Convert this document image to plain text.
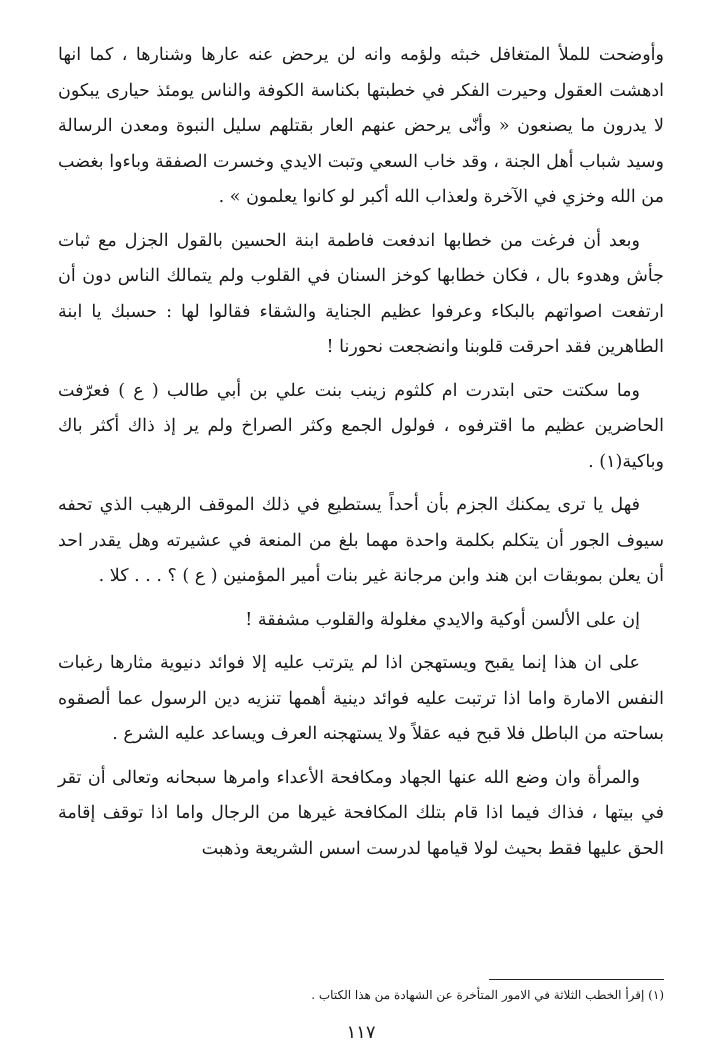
وأوضحت للملأ المتغافل خبثه ولؤمه وانه لن يرحض عنه عارها وشنارها ، كما انها ادهشت العقول وحيرت الفكر في خطبتها بكناسة الكوفة والناس يومئذ حيارى يبكون لا يدرون ما يصنعون « وأنّى يرحض عنهم العار بقتلهم سليل النبوة ومعدن الرسالة وسيد شباب أهل الجنة ، وقد خاب السعي وتبت الايدي وخسرت الصفقة وباءوا بغضب من الله وخزي في الآخرة ولعذاب الله أكبر لو كانوا يعلمون » .

وبعد أن فرغت من خطابها اندفعت فاطمة ابنة الحسين بالقول الجزل مع ثبات جأش وهدوء بال ، فكان خطابها كوخز السنان في القلوب ولم يتمالك الناس دون أن ارتفعت اصواتهم بالبكاء وعرفوا عظيم الجناية والشقاء فقالوا لها : حسبك يا ابنة الطاهرين فقد احرقت قلوبنا وانضجعت نحورنا !

وما سكتت حتى ابتدرت ام كلثوم زينب بنت علي بن أبي طالب ( ع ) فعرّفت الحاضرين عظيم ما اقترفوه ، فولول الجمع وكثر الصراخ ولم ير إذ ذاك أكثر باك وباكية(١) .

فهل يا ترى يمكنك الجزم بأن أحداً يستطيع في ذلك الموقف الرهيب الذي تحفه سيوف الجور أن يتكلم بكلمة واحدة مهما بلغ من المنعة في عشيرته وهل يقدر احد أن يعلن بموبقات ابن هند وابن مرجانة غير بنات أمير المؤمنين ( ع ) ؟ . . . كلا .

إن على الألسن أوكية والايدي مغلولة والقلوب مشفقة !

على ان هذا إنما يقبح ويستهجن اذا لم يترتب عليه إلا فوائد دنيوية مثارها رغبات النفس الامارة واما اذا ترتبت عليه فوائد دينية أهمها تنزيه دين الرسول عما ألصقوه بساحته من الباطل فلا قبح فيه عقلاً ولا يستهجنه العرف ويساعد عليه الشرع .

والمرأة وان وضع الله عنها الجهاد ومكافحة الأعداء وامرها سبحانه وتعالى أن تقر في بيتها ، فذاك فيما اذا قام بتلك المكافحة غيرها من الرجال واما اذا توقف إقامة الحق عليها فقط بحيث لولا قيامها لدرست اسس الشريعة وذهبت

(١) إقرأ الخطب الثلاثة في الامور المتأخرة عن الشهادة من هذا الكتاب .
١١٧
